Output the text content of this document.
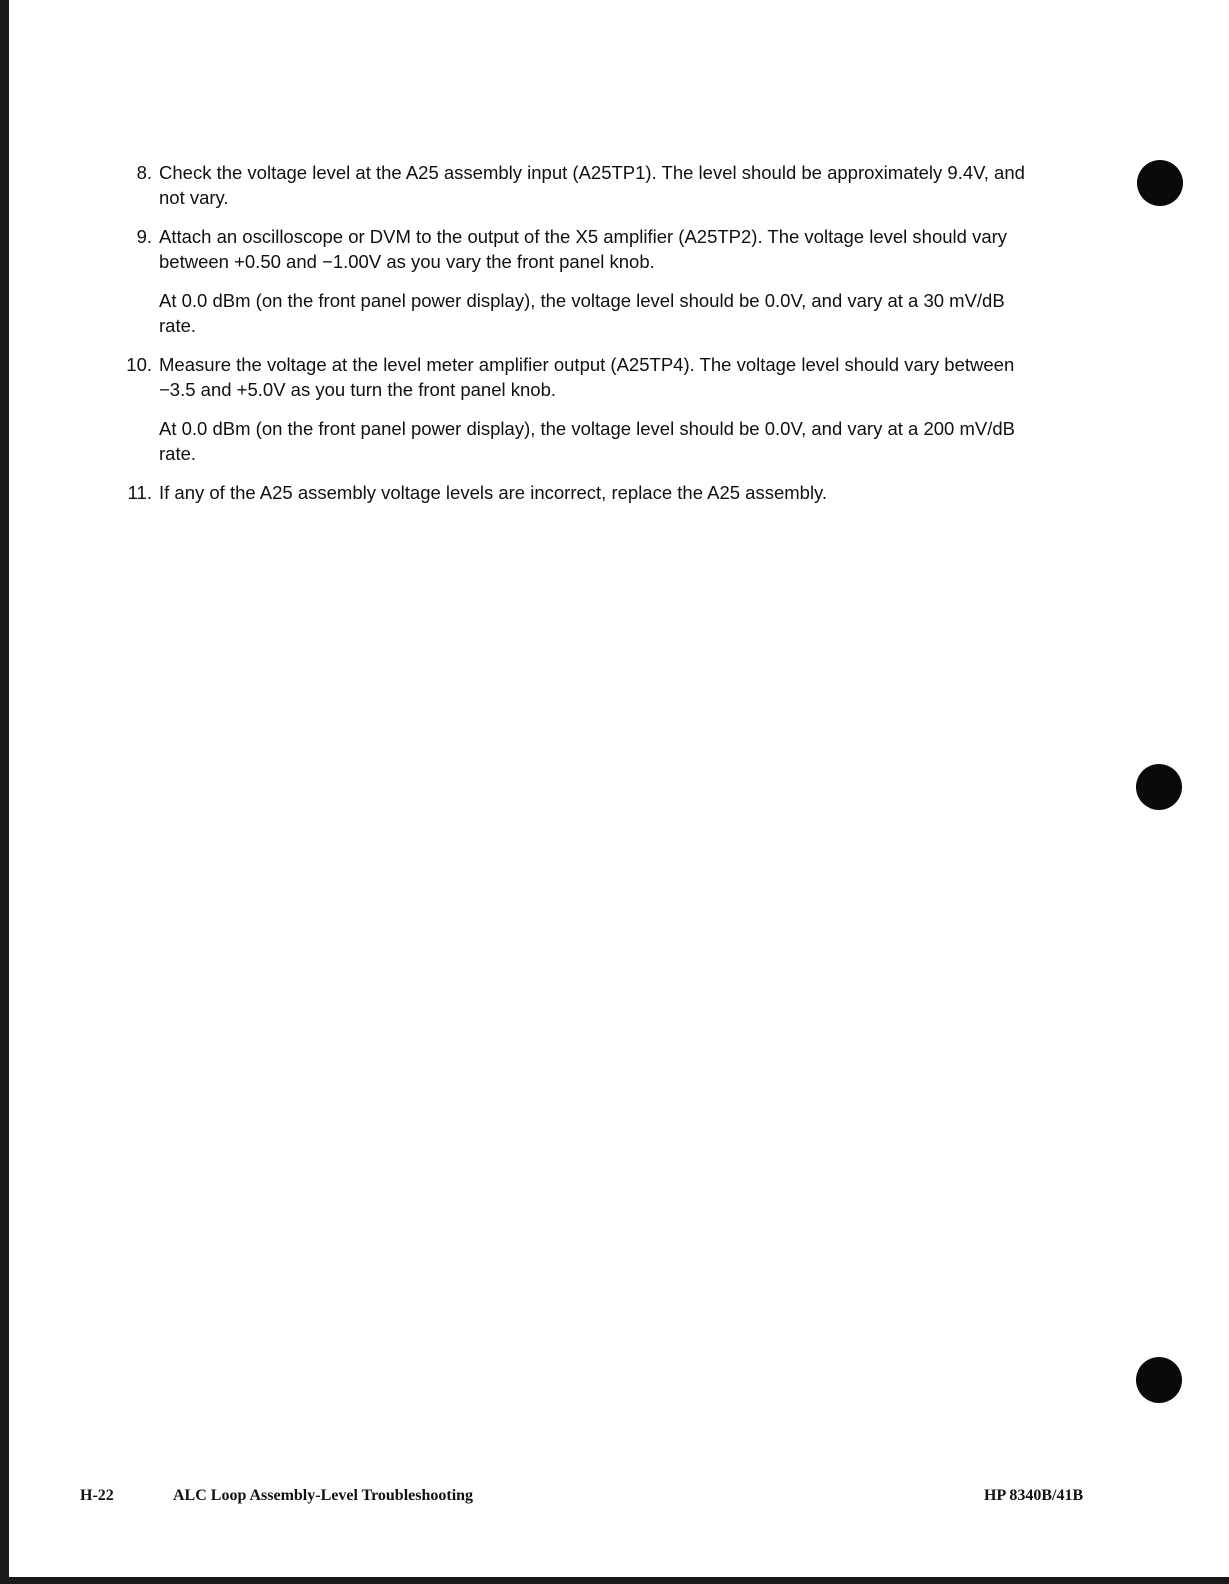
8. Check the voltage level at the A25 assembly input (A25TP1). The level should be approximately 9.4V, and not vary.

9. Attach an oscilloscope or DVM to the output of the X5 amplifier (A25TP2). The voltage level should vary between +0.50 and −1.00V as you vary the front panel knob.

At 0.0 dBm (on the front panel power display), the voltage level should be 0.0V, and vary at a 30 mV/dB rate.

10. Measure the voltage at the level meter amplifier output (A25TP4). The voltage level should vary between −3.5 and +5.0V as you turn the front panel knob.

At 0.0 dBm (on the front panel power display), the voltage level should be 0.0V, and vary at a 200 mV/dB rate.

11. If any of the A25 assembly voltage levels are incorrect, replace the A25 assembly.

H-22	ALC Loop Assembly-Level Troubleshooting	HP 8340B/41B
